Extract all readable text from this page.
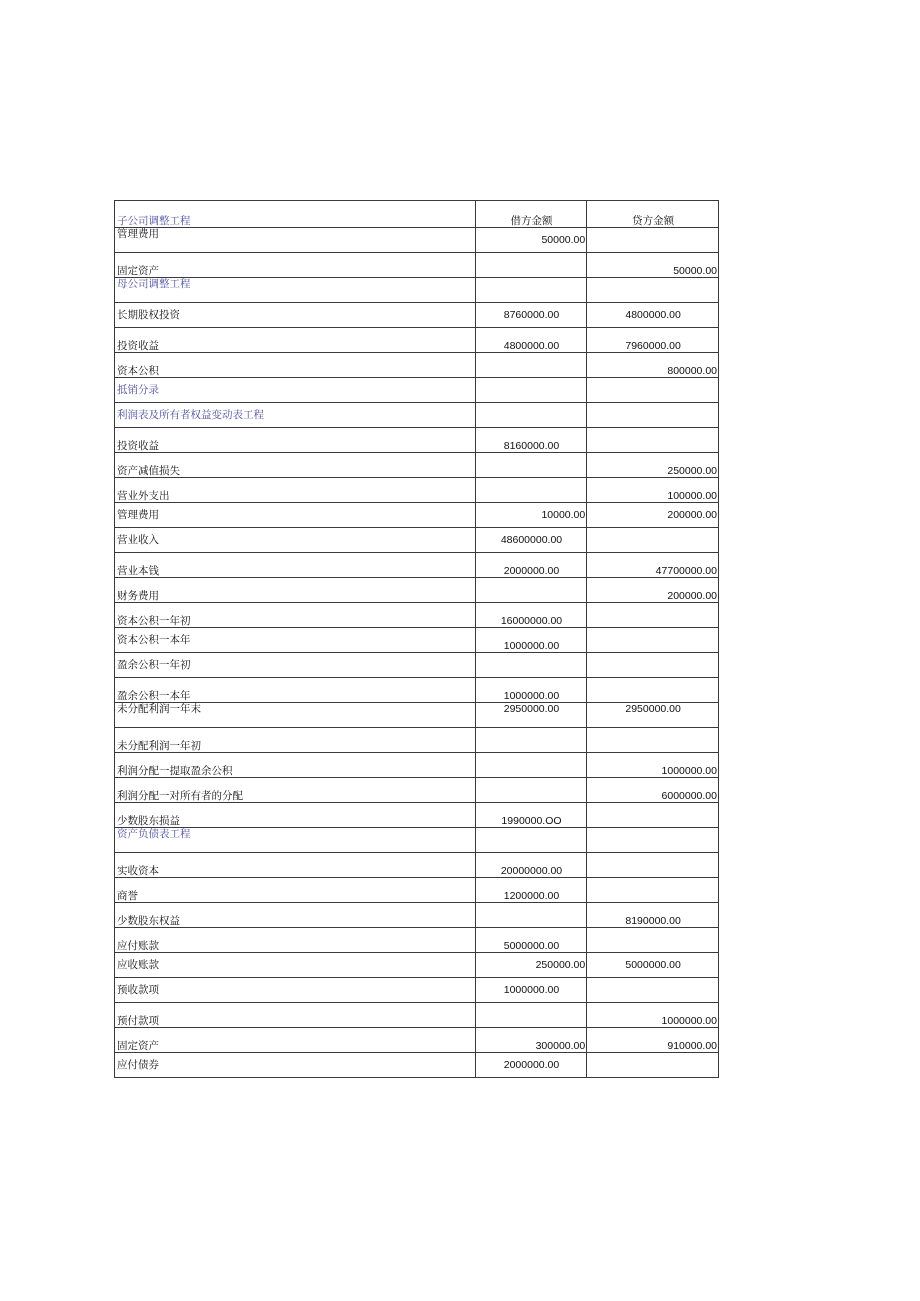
子公司调整工程	借方金额	贷方金额
管理费用	50000.00	
固定资产		50000.00
母公司调整工程		
长期股权投资	8760000.00	4800000.00
投资收益	4800000.00	7960000.00
资本公积		800000.00
抵销分录		
利润表及所有者权益变动表工程		
投资收益	8160000.00	
资产减值损失		250000.00
营业外支出		100000.00
管理费用	10000.00	200000.00
营业收入	48600000.00	
营业本钱	2000000.00	47700000.00
财务费用		200000.00
资本公积一年初	16000000.00	
资本公积一本年	1000000.00	
盈余公积一年初		
盈余公积一本年	1000000.00	
未分配利润一年末	2950000.00	2950000.00
未分配利润一年初		
利润分配一提取盈余公积		1000000.00
利润分配一对所有者的分配		6000000.00
少数股东损益	1990000.OO	
资产负债表工程		
实收资本	20000000.00	
商誉	1200000.00	
少数股东权益		8190000.00
应付账款	5000000.00	
应收账款	250000.00	5000000.00
预收款项	1000000.00	
预付款项		1000000.00
固定资产	300000.00	910000.00
应付债券	2000000.00	
